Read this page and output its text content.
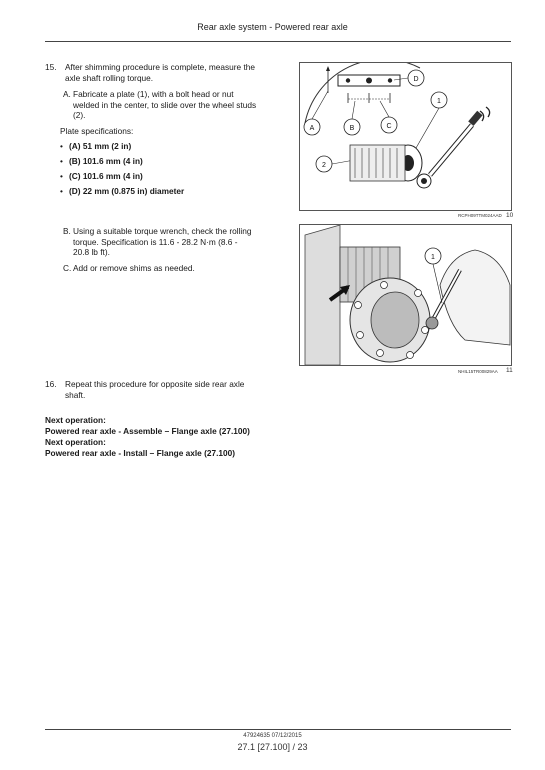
Rear axle system - Powered rear axle
15. After shimming procedure is complete, measure the
axle shaft rolling torque.
A. Fabricate a plate (1), with a bolt head or nut
welded in the center, to slide over the wheel studs
(2).
Plate specifications:
• (A) 51 mm (2 in)
• (B) 101.6 mm (4 in)
• (C) 101.6 mm (4 in)
• (D) 22 mm (0.875 in) diameter
B. Using a suitable torque wrench, check the rolling
torque. Specification is 11.6 - 28.2 N·m (8.6 -
20.8 lb ft).
C. Add or remove shims as needed.
A	B	C
D
1
2
RCPH09TTM024AAD 10
1
NHIL15TR00829AA 11
16. Repeat this procedure for opposite side rear axle
shaft.
Next operation:
Powered rear axle - Assemble – Flange axle (27.100)
Next operation:
Powered rear axle - Install – Flange axle (27.100)
47924635 07/12/2015
27.1 [27.100] / 23
